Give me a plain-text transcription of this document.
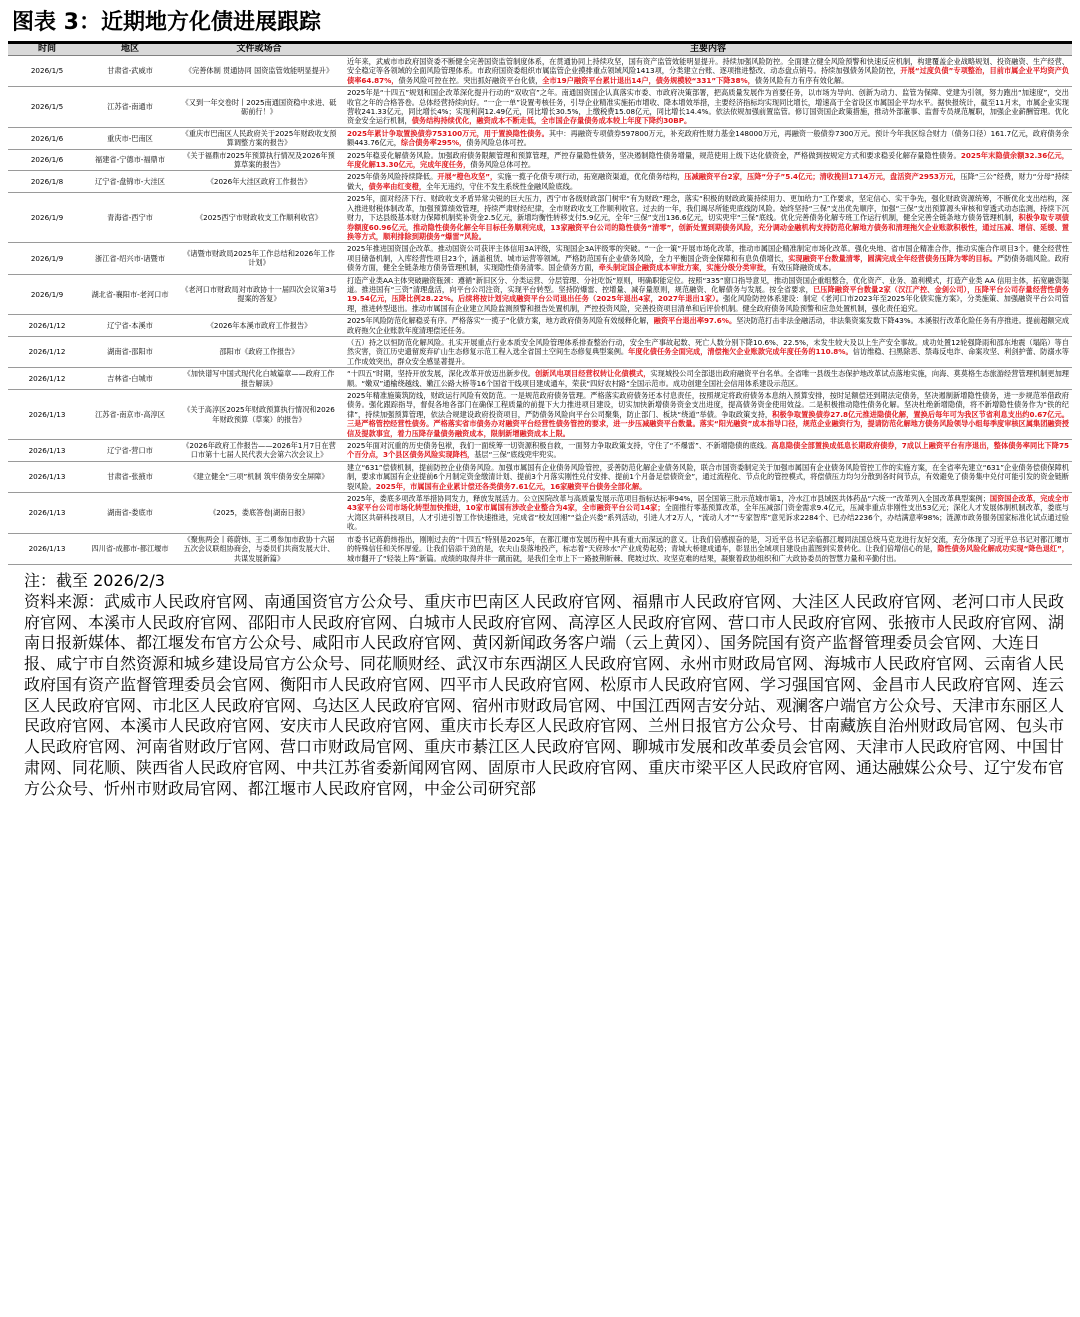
图表 3：近期地方化债进展跟踪
时间	地区	文件或场合	主要内容
2026/1/5	甘肃省-武威市	《完善体制 贯通协同 国资监管效能明显提升》	近年来，武威市市政府国资委不断健全完善国资监管制度体系，在贯通协同上持续攻坚，国有资产监管效能明显提升。持续加强风险防控。全面建立健全风险预警和快速反应机制，构建覆盖企业战略规划、投资融资、生产经营、安全稳定等各领域的全面风险管理体系。市政府国资委组织市属监管企业摸排重点领域风险1413项，分类建立台账、逐项推进整改、动态盘点销号。持续加强债务风险防控，开展“过度负债”专项整治，目前市属企业平均资产负债率64.87%，债务风险可控在控。突出抓好融资平台化债，全市19户融资平台累计退出14户，债务规模较“331”下降38%，债务风险有力有序有效化解。
2026/1/5	江苏省-南通市	《又到一年交卷时丨2025南通国资稳中求进、砥砺前行！》	2025年是“十四五”规划和国企改革深化提升行动的“双收官”之年。南通国资国企认真落实市委、市政府决策部署，把高质量发展作为首要任务，以市场为导向、创新为动力、监管为保障、党建为引领，努力跑出“加速度”，交出收官之年的合格答卷。总体经营持续向好。“一企一单”设置考核任务，引导企业精准实施拓市增收、降本增效举措，主要经济指标均实现同比增长，增速高于全省设区市属国企平均水平。据快报统计，截至11月末，市属企业实现营收241.33亿元，同比增长4%；实现利润12.49亿元，同比增长30.5%，上缴税费15.08亿元，同比增长14.4%。依法依规加强前置监管。修订国资国企政策措施，推动外部董事、监督专员规范履职，加强企业薪酬管理。优化资金安全运行机制，债务结构持续优化，融资成本不断走低，全市国企存量债务成本较上年度下降约30BP。
2026/1/6	重庆市-巴南区	《重庆市巴南区人民政府关于2025年财政收支预算调整方案的报告》	2025年累计争取置换债券753100万元，用于置换隐性债务。其中：再融资专项债券597800万元，补充政府性财力基金148000万元，再融资一般债券7300万元。预计今年我区综合财力（债务口径）161.7亿元，政府债务余额443.76亿元，综合债务率295%，债务风险总体可控。
2026/1/6	福建省-宁德市-福鼎市	《关于福鼎市2025年预算执行情况及2026年预算草案的报告》	2025年稳妥化解债务风险。加强政府债务限额管理和预算管理，严控存量隐性债务，坚决遏制隐性债务增量，规范使用上级下达化债资金，严格做到按规定方式和要求稳妥化解存量隐性债务。2025年末隐债余额32.36亿元，年度化解13.30亿元，完成年度任务，债务风险总体可控。
2026/1/8	辽宁省-盘锦市-大洼区	《2026年大洼区政府工作报告》	2025年债务风险持续降低。开展“橙色攻坚”，实施一揽子化债专项行动，拓宽融资渠道，优化债务结构，压减融资平台2家，压降“分子”5.4亿元；清收挽回1714万元，盘活资产2953万元，压降“三公”经费，财力“分母”持续做大，债务率由红变橙，全年无违约，守住不发生系统性金融风险底线。
2026/1/9	青海省-西宁市	《2025西宁市财政收支工作顺利收官》	2025年，面对经济下行、财政收支矛盾异常尖锐的巨大压力，西宁市各级财政部门树牢“有为财政”理念，落实“积极的财政政策持续用力、更加给力”工作要求，坚定信心、实干争先，强化财政资源统筹，不断优化支出结构，深入推进财税体制改革，加强预算绩效管理，持续严肃财经纪律，全市财政收支工作顺利收官。过去的一年，我们竭尽所能兜底线防风险。始终坚持“三保”支出优先顺序，加强“三保”支出预算源头审核和穿透式动态监测，持续下沉财力，下达县级基本财力保障机制奖补资金2.5亿元，新增均衡性转移支付5.9亿元，全年“三保”支出136.6亿元，切实兜牢“三保”底线。优化完善债务化解专班工作运行机制，健全完善全链条地方债务管理机制，积极争取专项债券额度60.96亿元，推动隐性债务化解全年目标任务顺利完成，13家融资平台公司的隐性债务“清零”，创新处置到期债务风险，充分调动金融机构支持防范化解地方债务和清理拖欠企业账款积极性，通过压减、增信、延缓、置换等方式，顺利排除到期债务“爆雷”风险。
2026/1/9	浙江省-绍兴市-诸暨市	《诸暨市财政局2025年工作总结和2026年工作计划》	2025年推进国资国企改革。推动国资公司获评主体信用3A评级，实现国企3A评级零的突破。“一企一策”开展市场化改革，推动市属国企精准制定市场化改革。强化央地、省市国企精准合作，推动实施合作项目3个。健全经营性项目储备机制，入库经营性项目23个，涵盖租赁、城市运营等领域。严格防范国有企业债务风险，全力平衡国企资金保障和有息负债增长，实现融资平台数量清零，圆满完成全年经营债务压降为零的目标。严防债务端风险。政府债务方面，健全全链条地方债务管理机制，实现隐性债务清零。国企债务方面，牵头制定国企融资成本审批方案，实施分级分类审批，有效压降融资成本。
2026/1/9	湖北省-襄阳市-老河口市	《老河口市财政局对市政协十一届四次会议第3号提案的答复》	打造产业类AA主体突破融资瓶颈：遵循“新旧区分、分类运营、分层管理、分社吃饭”原则，明确职能定位。按照“335”窗口指导意见，推动国资国企重组整合，优化资产、业务、盈利模式，打造产业类 AA 信用主体，拓宽融资渠道。推进国有“三资”清理盘活，向平台公司注资，实现平台转型。坚持防爆雷、控增量、减存量原则，规范融资、化解债务与发展。按全省要求，已压降融资平台数量2家（汉江产控、金剑公司），压降平台公司存量经营性债务19.54亿元，压降比例28.22%。后续将按计划完成融资平台公司退出任务（2025年退出4家，2027年退出1家）。强化风险防控体系建设：制定《老河口市2023年至2025年化债实施方案》，分类施策、加强融资平台公司管理，推进转型退出。推动市属国有企业建立风险监测预警和报告处置机制，严控投资风险，完善投资项目清单和后评价机制。健全政府债务风险预警和应急处置机制，强化责任追究。
2026/1/12	辽宁省-本溪市	《2026年本溪市政府工作报告》	2025年风险防范化解稳妥有序。严格落实“一揽子”化债方案，地方政府债务风险有效缓释化解，融资平台退出率97.6%。坚决防范打击非法金融活动，非法集资案发数下降43%。本溪银行改革化险任务有序推进。提前超额完成政府拖欠企业账款年度清理偿还任务。
2026/1/12	湖南省-邵阳市	邵阳市《政府工作报告》	（五）持之以恒防范化解风险。扎实开展重点行业本质安全风险管理体系排查整治行动，安全生产事故起数、死亡人数分别下降10.6%、22.5%，未发生较大及以上生产安全事故。成功处置12轮强降雨和邵东地震（塌陷）等自然灾害，资江历史遗留废弃矿山生态修复示范工程入选全省国土空间生态修复典型案例。年度化债任务全面完成，清偿拖欠企业账款完成年度任务的110.8%。信访维稳、扫黑除恶、禁毒反电诈、命案攻坚、利剑护蕾、防溺水等工作成效突出，群众安全感显著提升。
2026/1/12	吉林省-白城市	《加快谱写中国式现代化白城篇章——政府工作报告解读》	“十四五”时期，坚持开放发展，深化改革开放迈出新步伐。创新风电项目经营权转让化债模式，实现城投公司全部退出政府融资平台名单。全省唯一县级生态保护地改革试点落地实施，向海、莫莫格生态旅游经营管理机制更加理顺。“嫩双”通榆绕越线、嫩江公路大桥等16个国省干线项目建成通车，荣获“四好农村路”全国示范市。成功创建全国社会信用体系建设示范区。
2026/1/13	江苏省-南京市-高淳区	《关于高淳区2025年财政预算执行情况和2026年财政预算（草案）的报告》	2025年精准施策筑防线，财政运行风险有效防范。一是规范政府债务管理。严格落实政府债务还本付息责任，按照规定将政府债务本息纳入预算安排，按时足额偿还到期法定债务，坚决遏制新增隐性债务，进一步规范举借政府债务。强化跟踪指导，督促各地各部门在确保工程质量的前提下大力推进项目建设，切实加快新增债务资金支出进度，提高债务资金使用效益。二是积极推动隐性债务化解。坚决杜绝新增隐债，将不新增隐性债务作为“铁的纪律”，持续加强预算管理，依法合规建设政府投资项目，严防债务风险向平台公司聚集，防止部门、板块“绕道”举债。争取政策支持，积极争取置换债券27.8亿元推进隐债化解，置换后每年可为我区节省利息支出约0.67亿元。三是严格管控经营性债务。严格落实省市债务办对融资平台经营性债务管控的要求，进一步压减融资平台数量。落实“阳光融资”成本指导口径，规范企业融资行为，提请防范化解地方债务风险领导小组每季度审核区属集团融资授信及提款事宜，着力压降存量债务融资成本，限制新增融资成本上限。
2026/1/13	辽宁省-营口市	《2026年政府工作报告——2026年1月7日在营口市第十七届人民代表大会第六次会议上》	2025年面对沉重的历史债务包袱，我们一面统筹一切资源积极自救，一面努力争取政策支持，守住了“不爆雷”、不新增隐债的底线。高息隐债全部置换成低息长期政府债券，7成以上融资平台有序退出，整体债务率同比下降75个百分点，3个县区债务风险实现降档，基层“三保”底线兜牢兜实。
2026/1/13	甘肃省-张掖市	《建立健全“三项”机制 筑牢债务安全屏障》	建立“631”偿债机制，提前防控企业债务风险。加强市属国有企业债务风险管控，妥善防范化解企业债务风险，联合市国资委制定关于加强市属国有企业债务风险管控工作的实施方案，在全省率先建立“631”企业债务偿债保障机制，要求市属国有企业提前6个月制定资金缴清计划、提前3个月落实刚性兑付安排、提前1个月备足偿债资金”，通过流程化、节点化的管控模式，将偿债压力均匀分散到各时间节点，有效避免了债务集中兑付可能引发的资金链断裂风险。2025年，市属国有企业累计偿还各类债务7.61亿元，16家融资平台债务全部化解。
2026/1/13	湖南省-娄底市	《2025，娄底答卷|湖南日报》	2025年，娄底多项改革举措协同发力，释放发展活力。公立医院改革与高质量发展示范项目指标达标率94%，居全国第三批示范城市第1，冷水江市县域医共体药品“六统一”改革列入全国改革典型案例；国资国企改革，完成全市43家平台公司市场化转型加快推进，10家市属国有涉改企业整合为4家，全市融资平台公司14家；全面推行零基预算改革，全年压减部门资金需求9.4亿元，压减非重点非刚性支出53亿元；深化人才发展体制机制改革，娄底与大湾区共研科技项目，人才引进引智工作快速推进，完成省“校友回湘”“益企兴娄”系列活动，引进人才2万人，“流动人才”“专家智库”意见诉求2284个、已办结2236个，办结满意率98%；涟源市政务服务国家标准化试点通过验收。
2026/1/13	四川省-成都市-都江堰市	《聚焦两会丨蒋蔚炜、王二勇参加市政协十六届五次会议联组协商会，与委员们共商发展大计、共谋发展新篇》	市委书记蒋蔚炜指出，刚刚过去的“十四五”特别是2025年，在都江堰市发展历程中具有重大而深远的意义。让我们倍感振奋的是，习近平总书记亲临都江堰同法国总统马克龙进行友好交流，充分体现了习近平总书记对都江堰市的特殊信任和关怀厚爱。让我们倍添干劲的是，农夫山泉落地投产，标志着“天府珍水”产业成势起势；青城大桥建成通车，彰显出全域项目建设由蓝图到实景转化。让我们倍增信心的是，隐性债务风险化解成功实现“降色退红”，城市翻开了“轻装上阵”新篇。成绩的取得并非一蹴而就，是我们全市上下一路披荆斩棘、爬坡过坎、攻坚克难的结果，凝聚着政协组织和广大政协委员的智慧力量和辛勤付出。
注：截至 2026/2/3
资料来源：武威市人民政府官网、南通国资官方公众号、重庆市巴南区人民政府官网、福鼎市人民政府官网、大洼区人民政府官网、老河口市人民政府官网、本溪市人民政府官网、邵阳市人民政府官网、白城市人民政府官网、高淳区人民政府官网、营口市人民政府官网、张掖市人民政府官网、湖南日报新媒体、都江堰发布官方公众号、咸阳市人民政府官网、黄冈新闻政务客户端（云上黄冈）、国务院国有资产监督管理委员会官网、大连日报、咸宁市自然资源和城乡建设局官方公众号、同花顺财经、武汉市东西湖区人民政府官网、永州市财政局官网、海城市人民政府官网、云南省人民政府国有资产监督管理委员会官网、衡阳市人民政府官网、四平市人民政府官网、松原市人民政府官网、学习强国官网、金昌市人民政府官网、连云区人民政府官网、市北区人民政府官网、乌达区人民政府官网、宿州市财政局官网、中国江西网吉安分站、观澜客户端官方公众号、天津市东丽区人民政府官网、本溪市人民政府官网、安庆市人民政府官网、重庆市长寿区人民政府官网、兰州日报官方公众号、甘南藏族自治州财政局官网、包头市人民政府官网、河南省财政厅官网、营口市财政局官网、重庆市綦江区人民政府官网、聊城市发展和改革委员会官网、天津市人民政府官网、中国甘肃网、同花顺、陕西省人民政府官网、中共江苏省委新闻网官网、固原市人民政府官网、重庆市梁平区人民政府官网、通达融媒公众号、辽宁发布官方公众号、忻州市财政局官网、都江堰市人民政府官网，中金公司研究部
